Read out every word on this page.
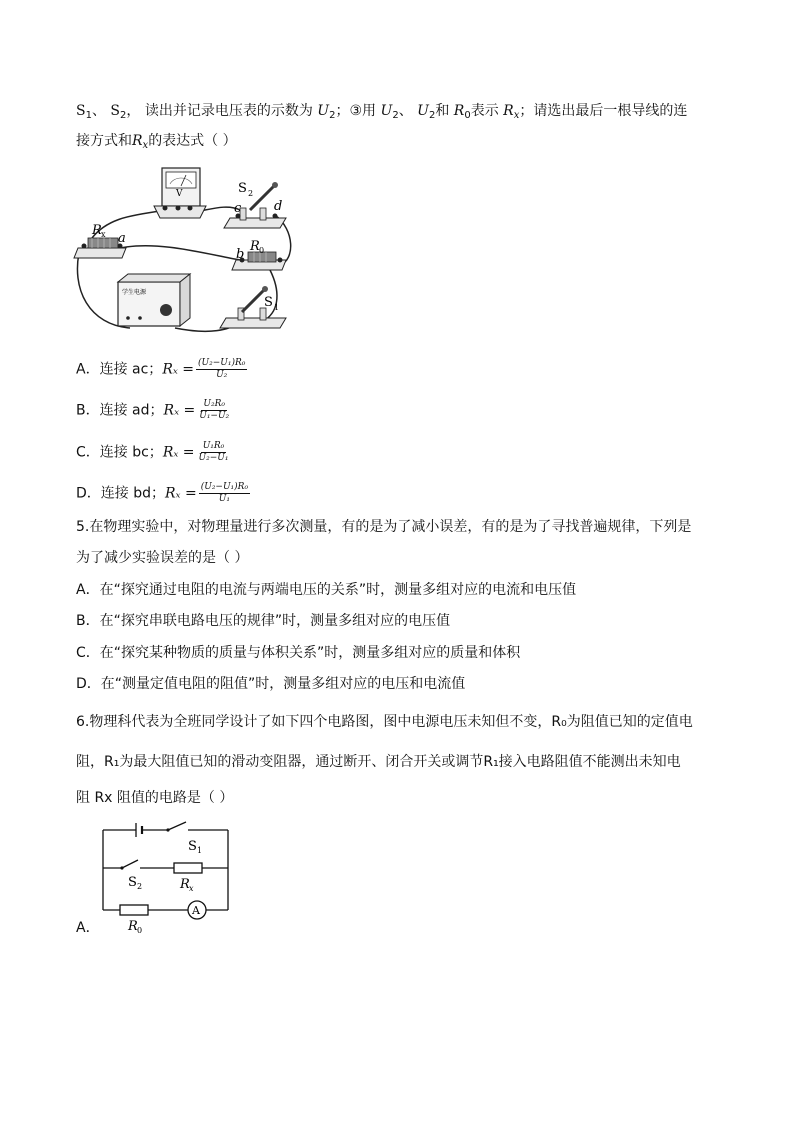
$S_1$、 $S_2$， 读出并记录电压表的示数为 $U_2$；③用 $U_2$、 $U_2$和 $R_0$表示 $R_x$；请选出最后一根导线的连
接方式和$R_x$的表达式（ ）
V	S 2
c	d
R x a
b
R 0
学生电源
S 1
A．连接 ac；$R_x = \frac{\text{(U₂−U₁)R₀}}{\text{U₂}}$
B．连接 ad；$R_x = \frac{\text{U₂R₀}}{\text{U₁−U₂}}$
C．连接 bc；$R_x = \frac{\text{U₁R₀}}{\text{U₂−U₁}}$
D．连接 bd；$R_x = \frac{\text{(U₂−U₁)R₀}}{\text{U₁}}$
5.在物理实验中，对物理量进行多次测量，有的是为了减小误差，有的是为了寻找普遍规律，下列是
为了减少实验误差的是（ ）
A．在“探究通过电阻的电流与两端电压的关系”时，测量多组对应的电流和电压值
B．在“探究串联电路电压的规律”时，测量多组对应的电压值
C．在“探究某种物质的质量与体积关系”时，测量多组对应的质量和体积
D．在“测量定值电阻的阻值”时，测量多组对应的电压和电流值
6.物理科代表为全班同学设计了如下四个电路图，图中电源电压未知但不变，R₀为阻值已知的定值电
阻，R₁为最大阻值已知的滑动变阻器，通过断开、闭合开关或调节R₁接入电路阻值不能测出未知电
阻 Rx 阻值的电路是（ ）
A
S 1
S 2	R x
R 0
A．
